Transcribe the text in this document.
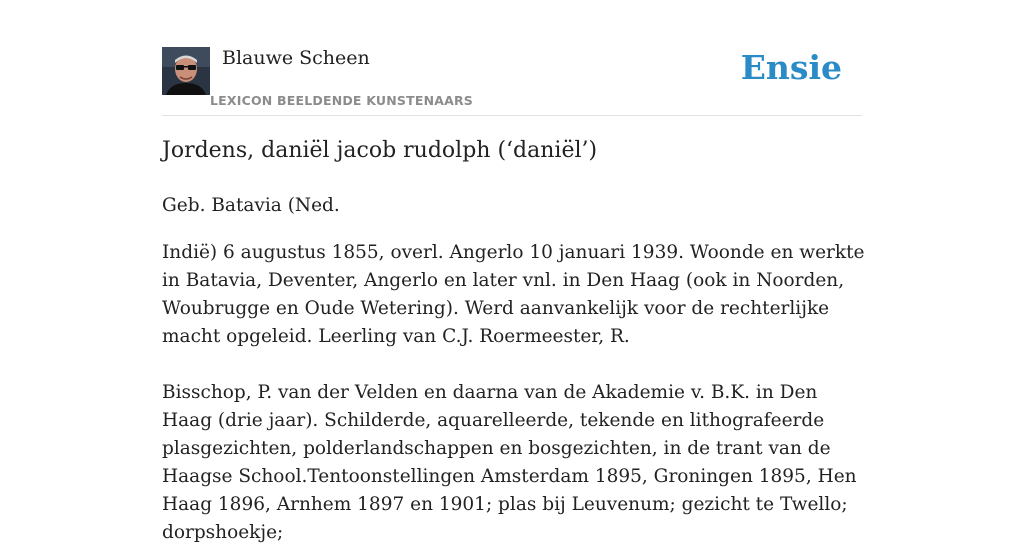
Blauwe Scheen
LEXICON BEELDENDE KUNSTENAARS
Ensie
Jordens, daniël jacob rudolph (‘daniël’)

Geb. Batavia (Ned.

Indië) 6 augustus 1855, overl. Angerlo 10 januari 1939. Woonde en werkte in Batavia, Deventer, Angerlo en later vnl. in Den Haag (ook in Noorden, Woubrugge en Oude Wetering). Werd aanvankelijk voor de rechterlijke macht opgeleid. Leerling van C.J. Roermeester, R.

Bisschop, P. van der Velden en daarna van de Akademie v. B.K. in Den Haag (drie jaar). Schilderde, aquarelleerde, tekende en lithografeerde plasgezichten, polderlandschappen en bosgezichten, in de trant van de Haagse School.Tentoonstellingen Amsterdam 1895, Groningen 1895, Hen Haag 1896, Arnhem 1897 en 1901; plas bij Leuvenum; gezicht te Twello; dorpshoekje;
